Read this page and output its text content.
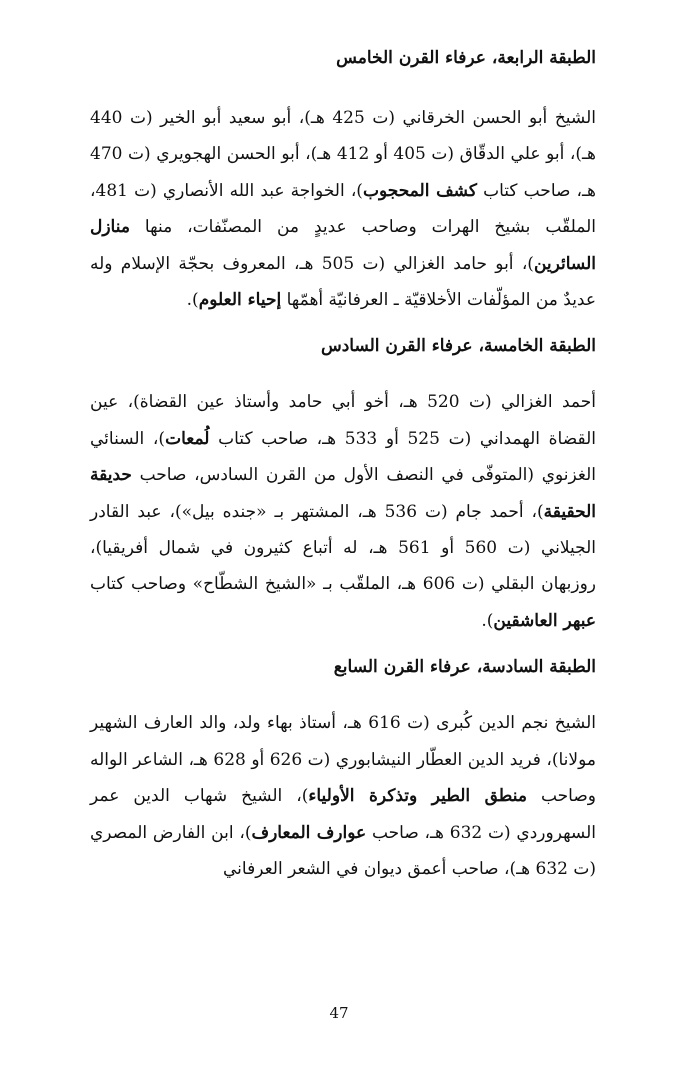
الطبقة الرابعة، عرفاء القرن الخامس

الشيخ أبو الحسن الخرقاني (ت 425 هـ)، أبو سعيد أبو الخير (ت 440 هـ)، أبو علي الدقّاق (ت 405 أو 412 هـ)، أبو الحسن الهجويري (ت 470 هـ، صاحب كتاب كشف المحجوب)، الخواجة عبد الله الأنصاري (ت 481، الملقّب بشيخ الهرات وصاحب عديدٍ من المصنّفات، منها منازل السائرين)، أبو حامد الغزالي (ت 505 هـ، المعروف بحجّة الإسلام وله عديدٌ من المؤلّفات الأخلاقيّة ـ العرفانيّة أهمّها إحياء العلوم).

الطبقة الخامسة، عرفاء القرن السادس

أحمد الغزالي (ت 520 هـ، أخو أبي حامد وأستاذ عين القضاة)، عين القضاة الهمداني (ت 525 أو 533 هـ، صاحب كتاب لُمعات)، السنائي الغزنوي (المتوفّى في النصف الأول من القرن السادس، صاحب حديقة الحقيقة)، أحمد جام (ت 536 هـ، المشتهر بـ «جنده بيل»)، عبد القادر الجيلاني (ت 560 أو 561 هـ، له أتباع كثيرون في شمال أفريقيا)، روزبهان البقلي (ت 606 هـ، الملقّب بـ «الشيخ الشطّاح» وصاحب كتاب عبهر العاشقين).

الطبقة السادسة، عرفاء القرن السابع

الشيخ نجم الدين كُبرى (ت 616 هـ، أستاذ بهاء ولد، والد العارف الشهير مولانا)، فريد الدين العطّار النيشابوري (ت 626 أو 628 هـ، الشاعر الواله وصاحب منطق الطير وتذكرة الأولياء)، الشيخ شهاب الدين عمر السهروردي (ت 632 هـ، صاحب عوارف المعارف)، ابن الفارض المصري (ت 632 هـ)، صاحب أعمق ديوان في الشعر العرفاني

47
